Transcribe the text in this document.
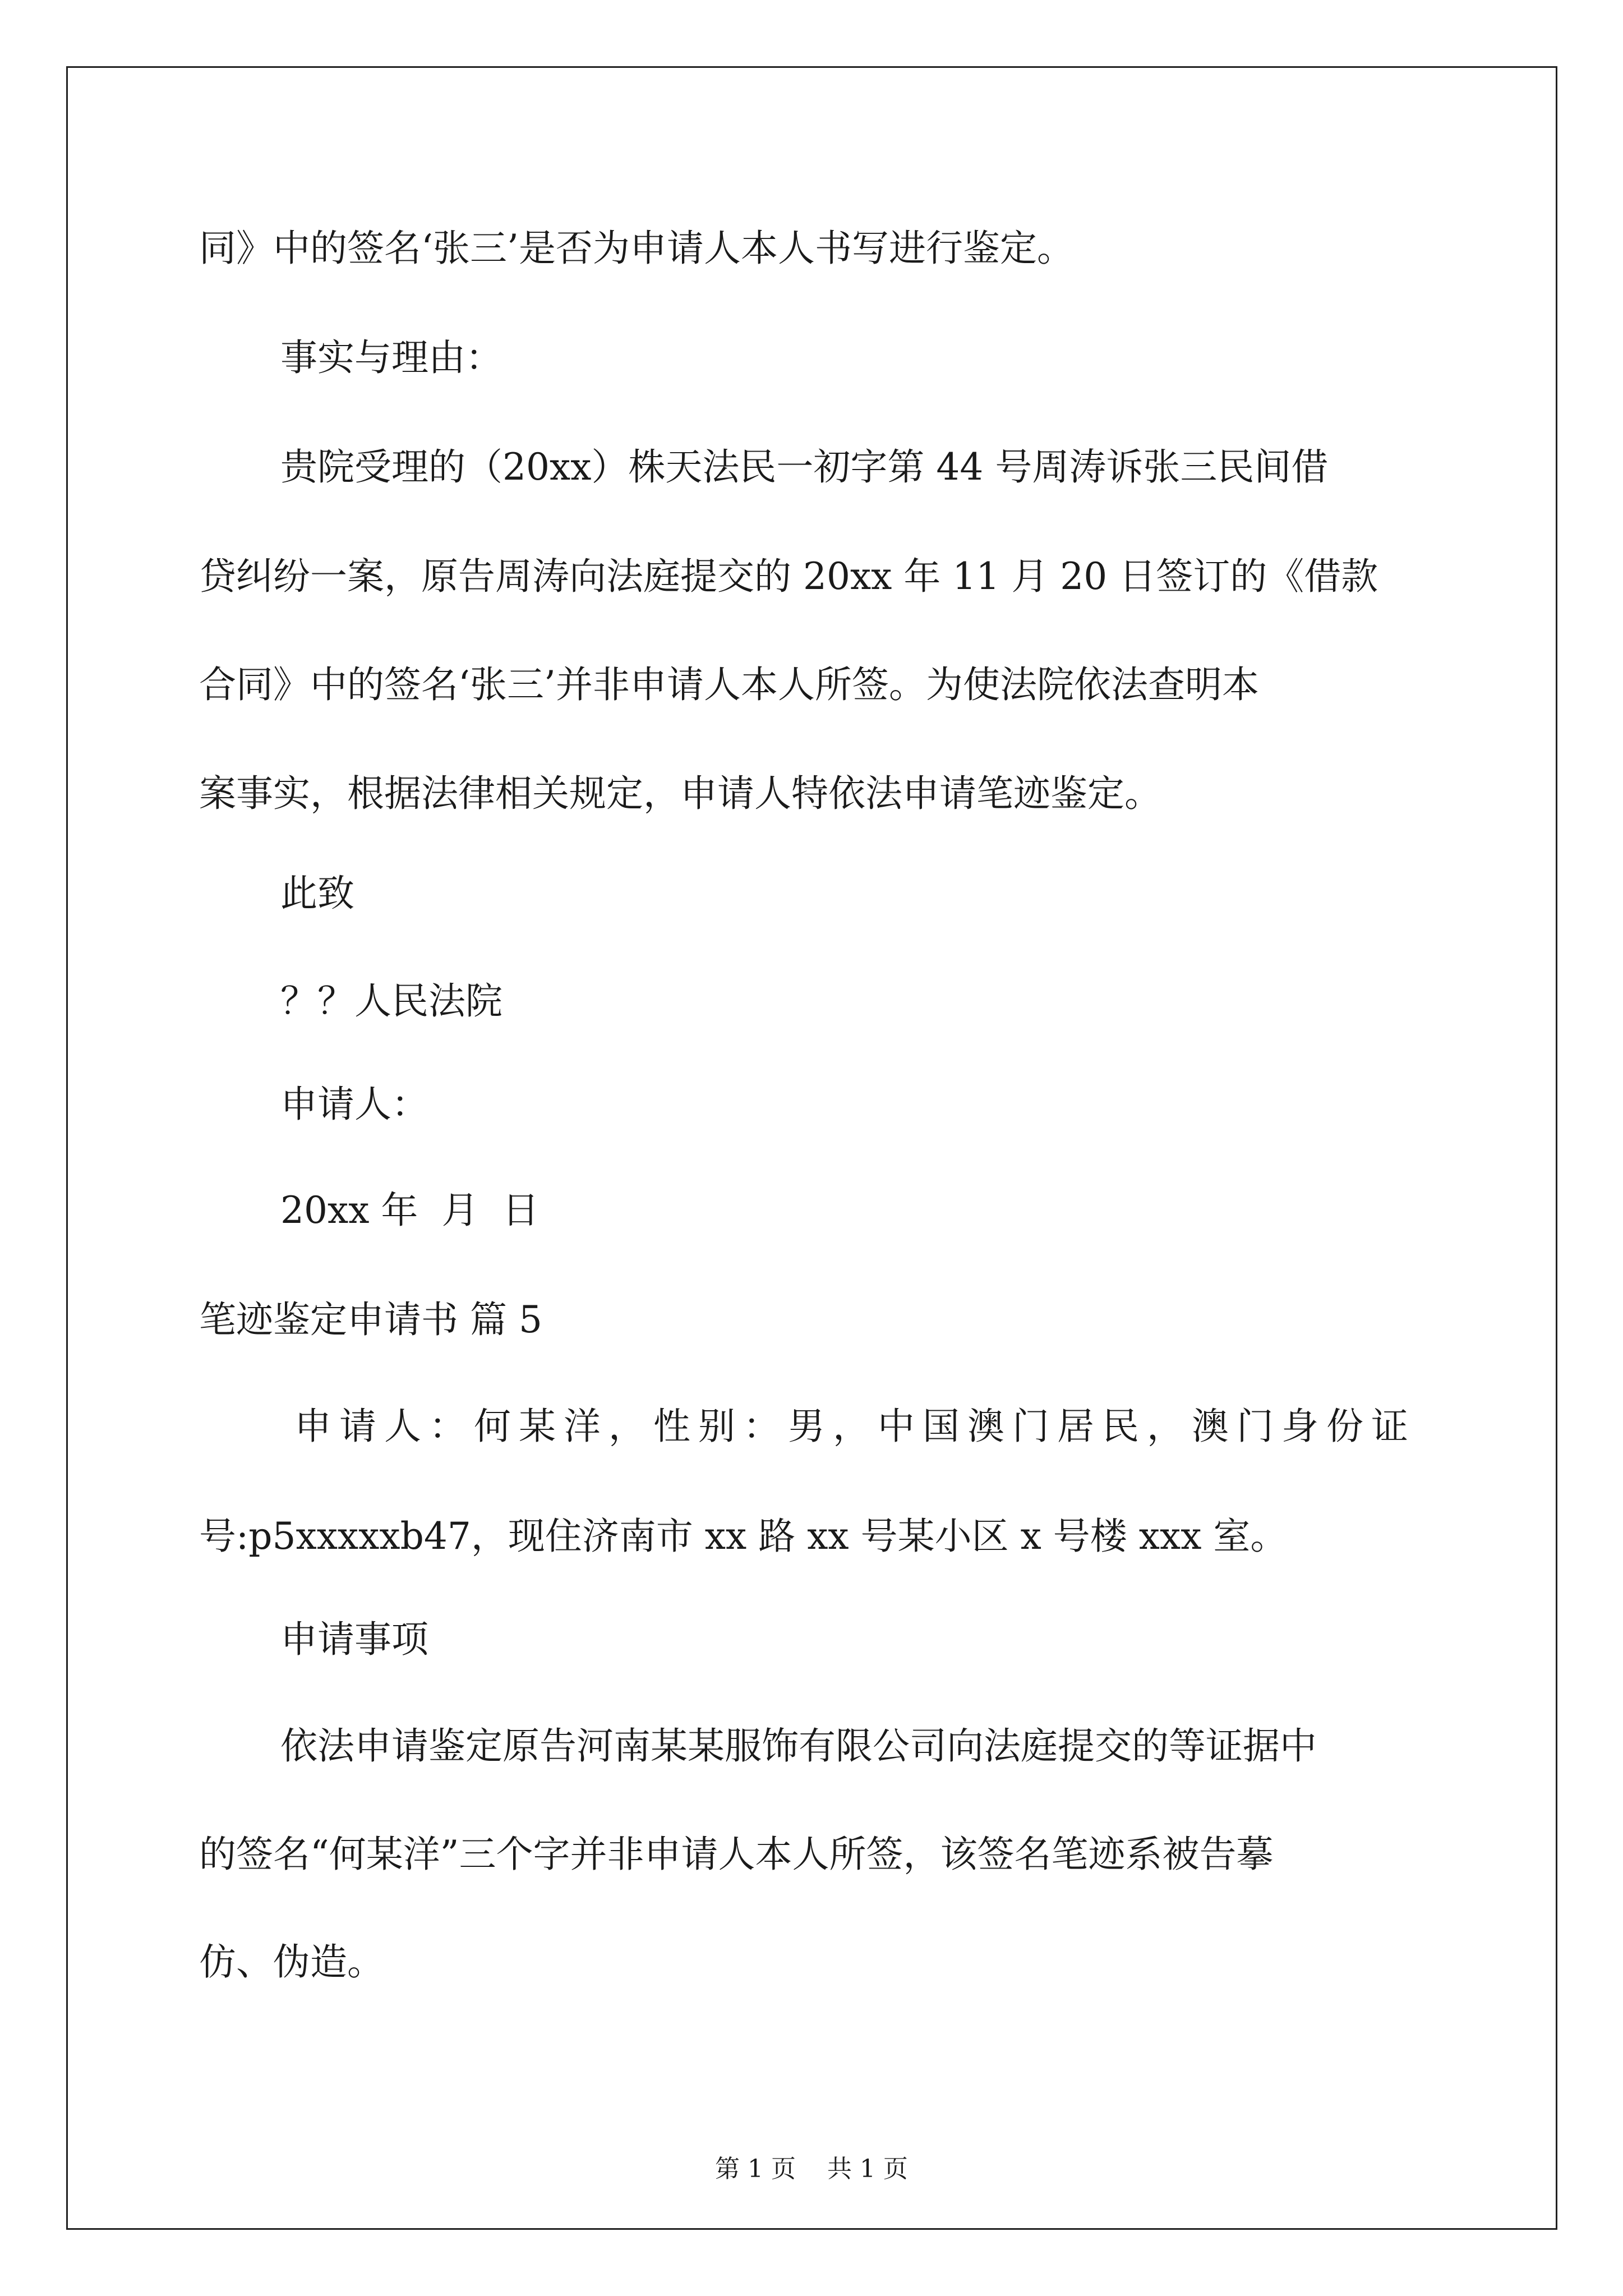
同》中的签名‘张三’是否为申请人本人书写进行鉴定。
事实与理由：
贵院受理的（20xx）株天法民一初字第 44 号周涛诉张三民间借
贷纠纷一案，原告周涛向法庭提交的 20xx 年 11 月 20 日签订的《借款
合同》中的签名‘张三’并非申请人本人所签。为使法院依法查明本
案事实，根据法律相关规定，申请人特依法申请笔迹鉴定。
此致
？？人民法院
申请人：
20xx 年  月  日
笔迹鉴定申请书 篇 5
申请人：何某洋，性别：男，中国澳门居民，澳门身份证
号:p5xxxxxb47，现住济南市 xx 路 xx 号某小区 x 号楼 xxx 室。
申请事项
依法申请鉴定原告河南某某服饰有限公司向法庭提交的等证据中
的签名“何某洋”三个字并非申请人本人所签，该签名笔迹系被告摹
仿、伪造。
第 1 页    共 1 页
